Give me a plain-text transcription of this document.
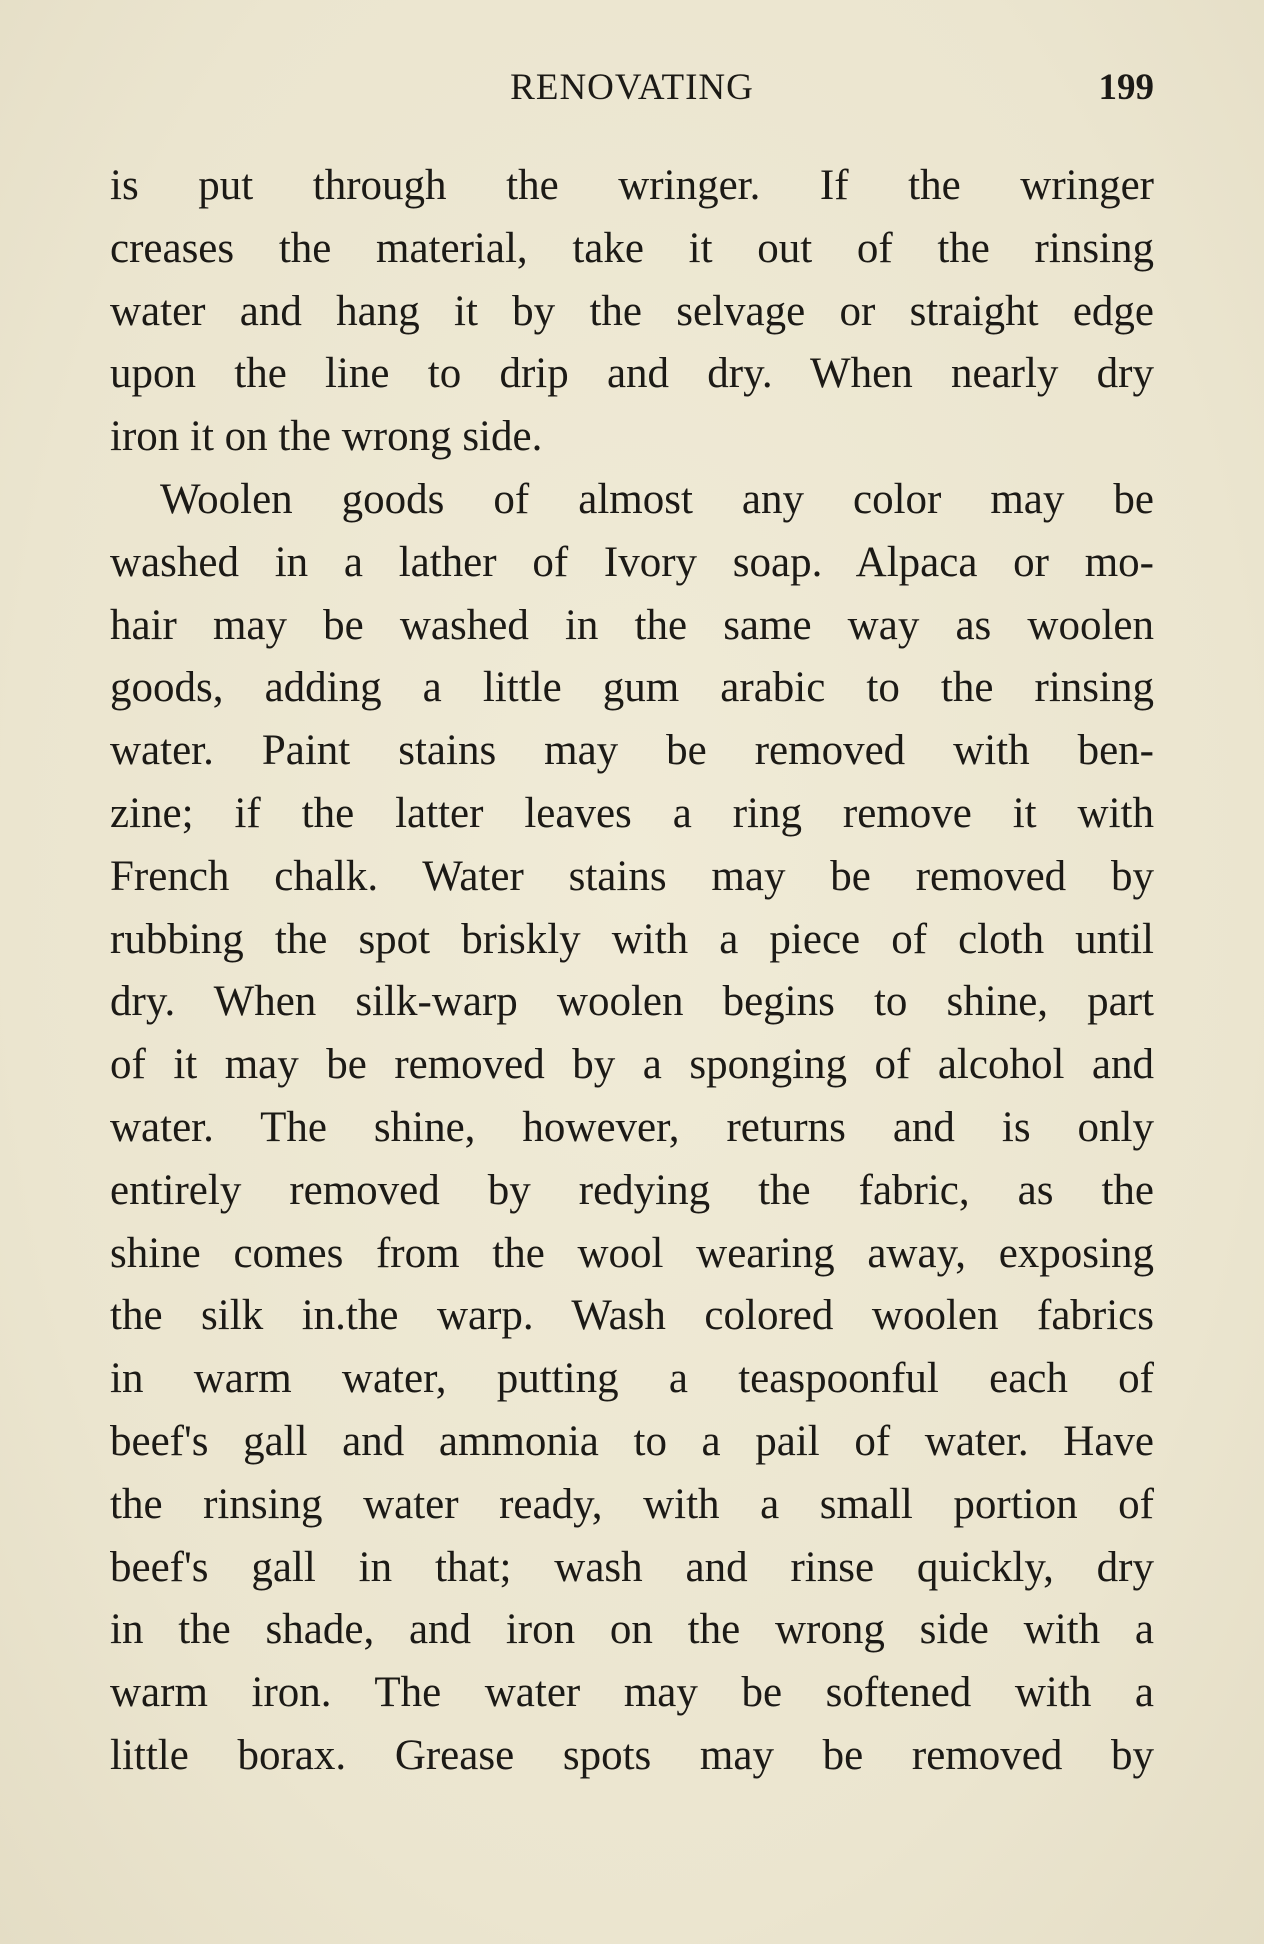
RENOVATING	199
is put through the wringer. If the wringer
creases the material, take it out of the rinsing
water and hang it by the selvage or straight edge
upon the line to drip and dry. When nearly dry
iron it on the wrong side.
Woolen goods of almost any color may be
washed in a lather of Ivory soap. Alpaca or mo-
hair may be washed in the same way as woolen
goods, adding a little gum arabic to the rinsing
water. Paint stains may be removed with ben-
zine; if the latter leaves a ring remove it with
French chalk. Water stains may be removed by
rubbing the spot briskly with a piece of cloth until
dry. When silk-warp woolen begins to shine, part
of it may be removed by a sponging of alcohol and
water. The shine, however, returns and is only
entirely removed by redying the fabric, as the
shine comes from the wool wearing away, exposing
the silk in.the warp. Wash colored woolen fabrics
in warm water, putting a teaspoonful each of
beef's gall and ammonia to a pail of water. Have
the rinsing water ready, with a small portion of
beef's gall in that; wash and rinse quickly, dry
in the shade, and iron on the wrong side with a
warm iron. The water may be softened with a
little borax. Grease spots may be removed by
